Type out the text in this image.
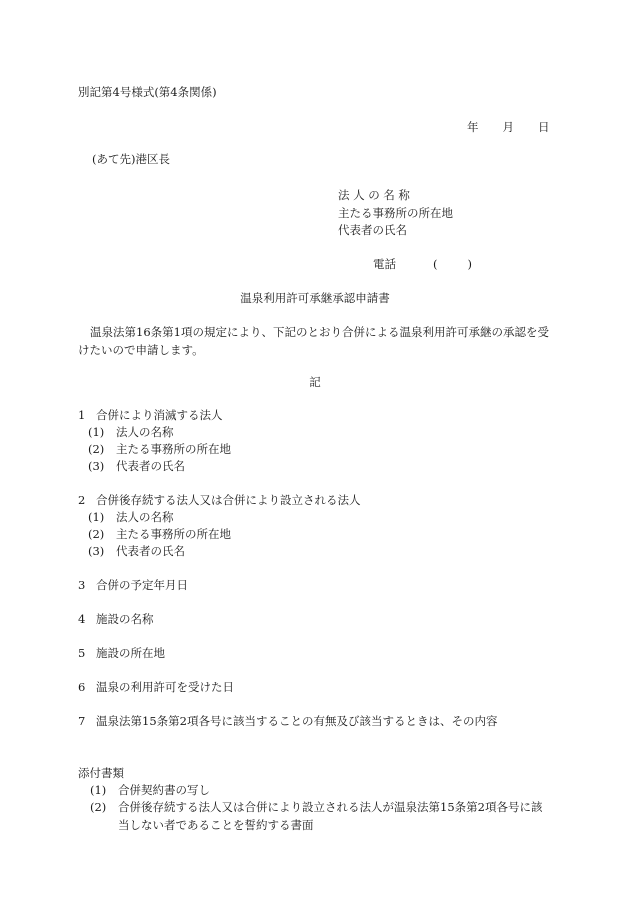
別記第4号様式(第4条関係)
年 月 日
(あて先)港区長
法人の名称
主たる事務所の所在地
代表者の氏名
電話	(	)
温泉利用許可承継承認申請書
温泉法第16条第1項の規定により、下記のとおり合併による温泉利用許可承継の承認を受けたいので申請します。
記
1 合併により消滅する法人
(1) 法人の名称
(2) 主たる事務所の所在地
(3) 代表者の氏名
2 合併後存続する法人又は合併により設立される法人
(1) 法人の名称
(2) 主たる事務所の所在地
(3) 代表者の氏名
3 合併の予定年月日
4 施設の名称
5 施設の所在地
6 温泉の利用許可を受けた日
7 温泉法第15条第2項各号に該当することの有無及び該当するときは、その内容
添付書類
(1) 合併契約書の写し
(2) 合併後存続する法人又は合併により設立される法人が温泉法第15条第2項各号に該
当しない者であることを誓約する書面
